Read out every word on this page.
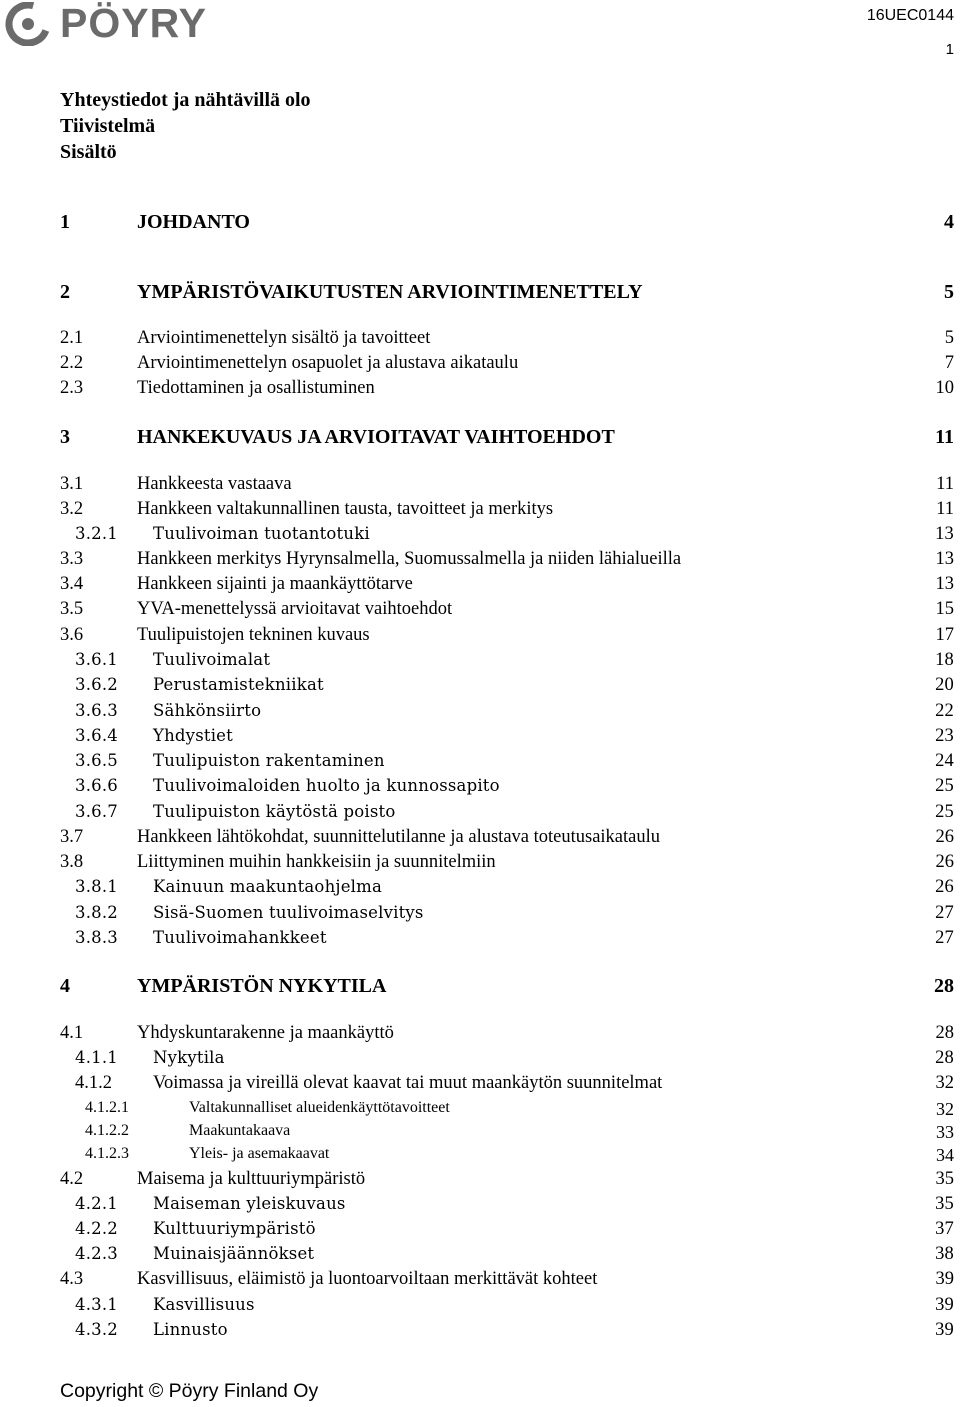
PÖYRY	16UEC0144
1
Yhteystiedot ja nähtävillä olo
Tiivistelmä
Sisältö
1	JOHDANTO	4
2	YMPÄRISTÖVAIKUTUSTEN ARVIOINTIMENETTELY	5
2.1	Arviointimenettelyn sisältö ja tavoitteet	5
2.2	Arviointimenettelyn osapuolet ja alustava aikataulu	7
2.3	Tiedottaminen ja osallistuminen	10
3	HANKEKUVAUS JA ARVIOITAVAT VAIHTOEHDOT	11
3.1	Hankkeesta vastaava	11
3.2	Hankkeen valtakunnallinen tausta, tavoitteet ja merkitys	11
3.2.1 Tuulivoiman tuotantotuki	13
3.3	Hankkeen merkitys Hyrynsalmella, Suomussalmella ja niiden lähialueilla	13
3.4	Hankkeen sijainti ja maankäyttötarve	13
3.5	YVA-menettelyssä arvioitavat vaihtoehdot	15
3.6	Tuulipuistojen tekninen kuvaus	17
3.6.1 Tuulivoimalat	18
3.6.2 Perustamistekniikat	20
3.6.3 Sähkönsiirto	22
3.6.4 Yhdystiet	23
3.6.5 Tuulipuiston rakentaminen	24
3.6.6 Tuulivoimaloiden huolto ja kunnossapito	25
3.6.7 Tuulipuiston käytöstä poisto	25
3.7	Hankkeen lähtökohdat, suunnittelutilanne ja alustava toteutusaikataulu	26
3.8	Liittyminen muihin hankkeisiin ja suunnitelmiin	26
3.8.1 Kainuun maakuntaohjelma	26
3.8.2 Sisä-Suomen tuulivoimaselvitys	27
3.8.3 Tuulivoimahankkeet	27
4	YMPÄRISTÖN NYKYTILA	28
4.1	Yhdyskuntarakenne ja maankäyttö	28
4.1.1 Nykytila	28
4.1.2 Voimassa ja vireillä olevat kaavat tai muut maankäytön suunnitelmat	32
4.1.2.1	Valtakunnalliset alueidenkäyttötavoitteet	32
4.1.2.2	Maakuntakaava	33
4.1.2.3	Yleis- ja asemakaavat	34
4.2	Maisema ja kulttuuriympäristö	35
4.2.1 Maiseman yleiskuvaus	35
4.2.2 Kulttuuriympäristö	37
4.2.3 Muinaisjäännökset	38
4.3	Kasvillisuus, eläimistö ja luontoarvoiltaan merkittävät kohteet	39
4.3.1 Kasvillisuus	39
4.3.2 Linnusto	39
Copyright © Pöyry Finland Oy
